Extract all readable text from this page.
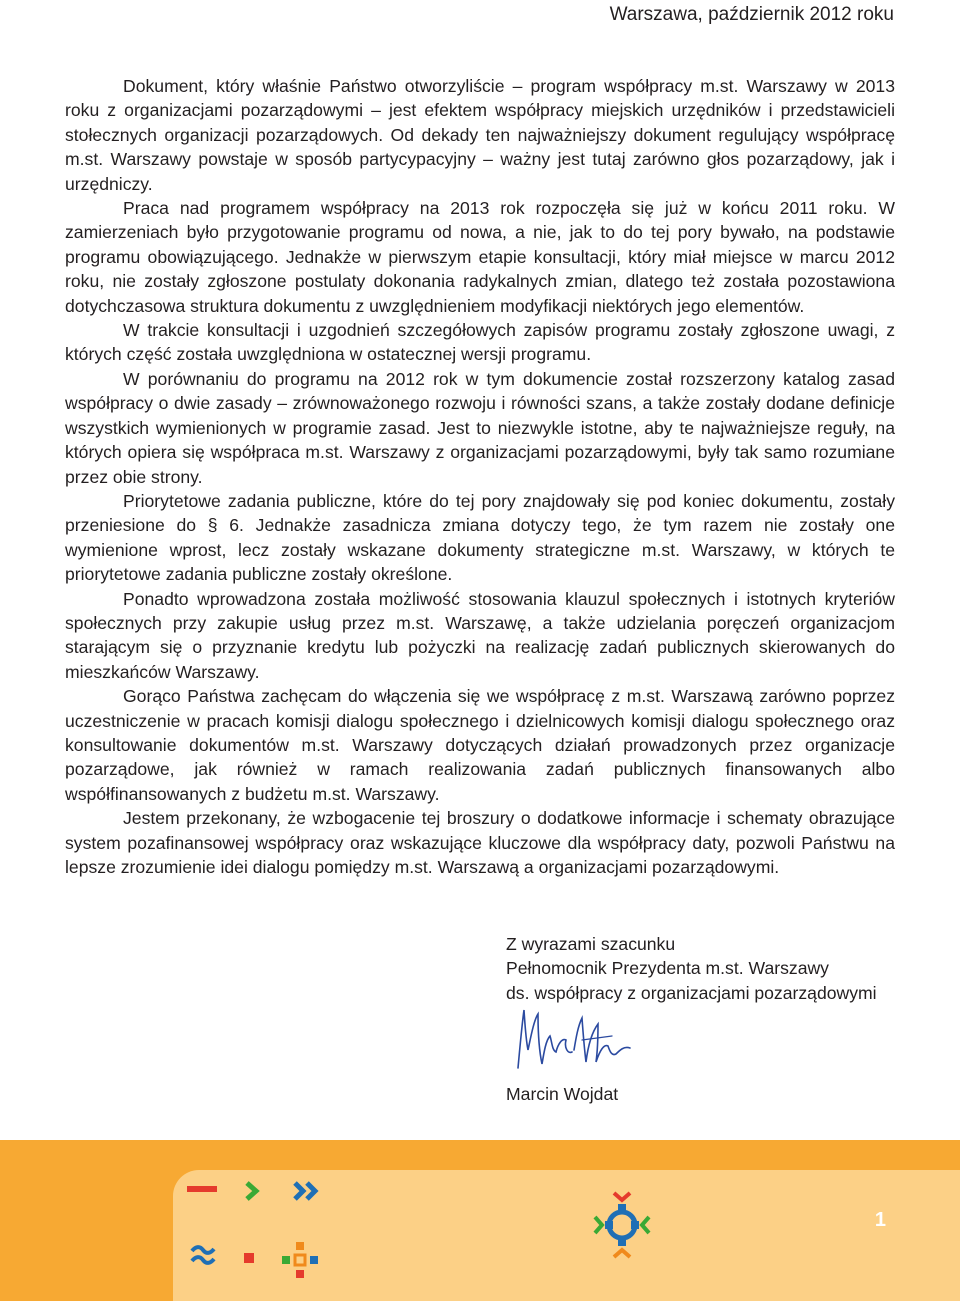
Warszawa, październik 2012 roku

Dokument, który właśnie Państwo otworzyliście – program współpracy m.st. Warszawy w 2013 roku z organizacjami pozarządowymi – jest efektem współpracy miejskich urzędników i przedstawicieli stołecznych organizacji pozarządowych. Od dekady ten najważniejszy dokument regulujący współpracę m.st. Warszawy powstaje w sposób partycypacyjny – ważny jest tutaj zarówno głos pozarządowy, jak i urzędniczy.

Praca nad programem współpracy na 2013 rok rozpoczęła się już w końcu 2011 roku. W zamierzeniach było przygotowanie programu od nowa, a nie, jak to do tej pory bywało, na podstawie programu obowiązującego. Jednakże w pierwszym etapie konsultacji, który miał miejsce w marcu 2012 roku, nie zostały zgłoszone postulaty dokonania radykalnych zmian, dlatego też została pozostawiona dotychczasowa struktura dokumentu z uwzględnieniem modyfikacji niektórych jego elementów.

W trakcie konsultacji i uzgodnień szczegółowych zapisów programu zostały zgłoszone uwagi, z których część została uwzględniona w ostatecznej wersji programu.

W porównaniu do programu na 2012 rok w tym dokumencie został rozszerzony katalog zasad współpracy o dwie zasady – zrównoważonego rozwoju i równości szans, a także zostały dodane definicje wszystkich wymienionych w programie zasad. Jest to niezwykle istotne, aby te najważniejsze reguły, na których opiera się współpraca m.st. Warszawy z organizacjami pozarządowymi, były tak samo rozumiane przez obie strony.

Priorytetowe zadania publiczne, które do tej pory znajdowały się pod koniec dokumentu, zostały przeniesione do § 6. Jednakże zasadnicza zmiana dotyczy tego, że tym razem nie zostały one wymienione wprost, lecz zostały wskazane dokumenty strategiczne m.st. Warszawy, w których te priorytetowe zadania publiczne zostały określone.

Ponadto wprowadzona została możliwość stosowania klauzul społecznych i istotnych kryteriów społecznych przy zakupie usług przez m.st. Warszawę, a także udzielania poręczeń organizacjom starającym się o przyznanie kredytu lub pożyczki na realizację zadań publicznych skierowanych do mieszkańców Warszawy.

Gorąco Państwa zachęcam do włączenia się we współpracę z m.st. Warszawą zarówno poprzez uczestniczenie w pracach komisji dialogu społecznego i dzielnicowych komisji dialogu społecznego oraz konsultowanie dokumentów m.st. Warszawy dotyczących działań prowadzonych przez organizacje pozarządowe, jak również w ramach realizowania zadań publicznych finansowanych albo współfinansowanych z budżetu m.st. Warszawy.

Jestem przekonany, że wzbogacenie tej broszury o dodatkowe informacje i schematy obrazujące system pozafinansowej współpracy oraz wskazujące kluczowe dla współpracy daty, pozwoli Państwu na lepsze zrozumienie idei dialogu pomiędzy m.st. Warszawą a organizacjami pozarządowymi.

Z wyrazami szacunku
Pełnomocnik Prezydenta m.st. Warszawy
ds. współpracy z organizacjami pozarządowymi
Marcin Wojdat
1
